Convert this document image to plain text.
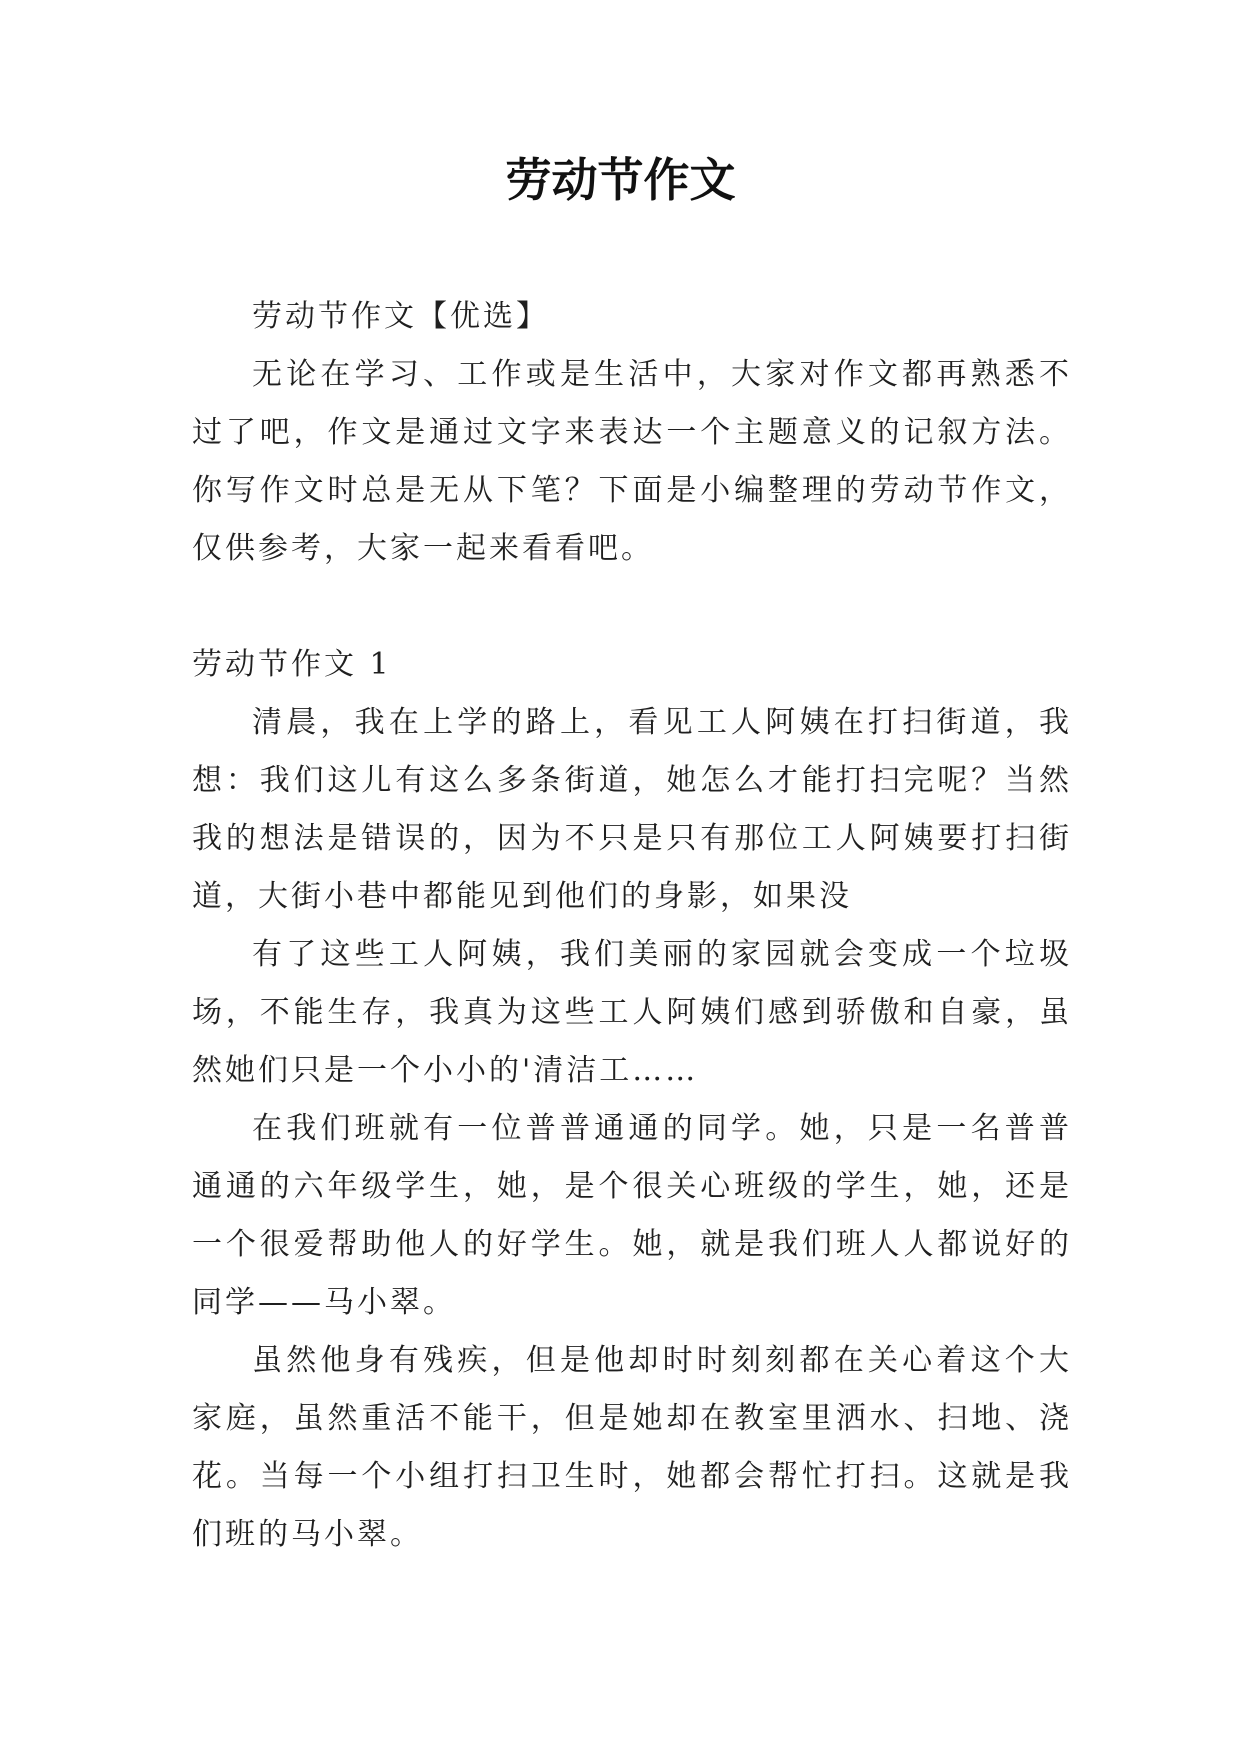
劳动节作文

劳动节作文【优选】

无论在学习、工作或是生活中，大家对作文都再熟悉不过了吧，作文是通过文字来表达一个主题意义的记叙方法。你写作文时总是无从下笔？下面是小编整理的劳动节作文，仅供参考，大家一起来看看吧。

劳动节作文 1

清晨，我在上学的路上，看见工人阿姨在打扫街道，我想：我们这儿有这么多条街道，她怎么才能打扫完呢？当然我的想法是错误的，因为不只是只有那位工人阿姨要打扫街道，大街小巷中都能见到他们的身影，如果没

有了这些工人阿姨，我们美丽的家园就会变成一个垃圾场，不能生存，我真为这些工人阿姨们感到骄傲和自豪，虽然她们只是一个小小的'清洁工……

在我们班就有一位普普通通的同学。她，只是一名普普通通的六年级学生，她，是个很关心班级的学生，她，还是一个很爱帮助他人的好学生。她，就是我们班人人都说好的同学——马小翠。

虽然他身有残疾，但是他却时时刻刻都在关心着这个大家庭，虽然重活不能干，但是她却在教室里洒水、扫地、浇花。当每一个小组打扫卫生时，她都会帮忙打扫。这就是我们班的马小翠。
